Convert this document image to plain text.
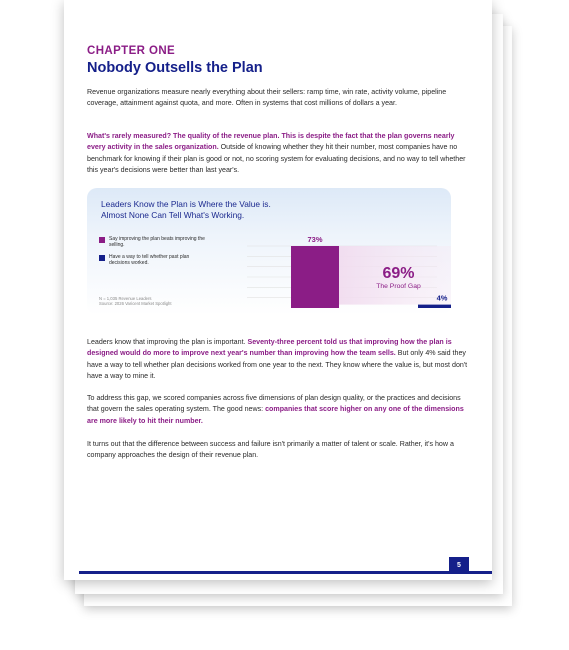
CHAPTER ONE
Nobody Outsells the Plan

Revenue organizations measure nearly everything about their sellers: ramp time, win rate, activity volume, pipeline coverage, attainment against quota, and more. Often in systems that cost millions of dollars a year.

What's rarely measured? The quality of the revenue plan. This is despite the fact that the plan governs nearly every activity in the sales organization. Outside of knowing whether they hit their number, most companies have no benchmark for knowing if their plan is good or not, no scoring system for evaluating decisions, and no way to tell whether this year's decisions were better than last year's.

Leaders Know the Plan is Where the Value is.
Almost None Can Tell What's Working.
Say improving the plan beats improving the selling.
Have a way to tell whether past plan decisions worked.
N = 1,035 Revenue Leaders
Source: 2026 Varicent Market Spotlight
73%
4%
69%
The Proof Gap

Leaders know that improving the plan is important. Seventy-three percent told us that improving how the plan is designed would do more to improve next year's number than improving how the team sells. But only 4% said they have a way to tell whether plan decisions worked from one year to the next. They know where the value is, but most don't have a way to mine it.

To address this gap, we scored companies across five dimensions of plan design quality, or the practices and decisions that govern the sales operating system. The good news: companies that score higher on any one of the dimensions are more likely to hit their number.

It turns out that the difference between success and failure isn't primarily a matter of talent or scale. Rather, it's how a company approaches the design of their revenue plan.

5
